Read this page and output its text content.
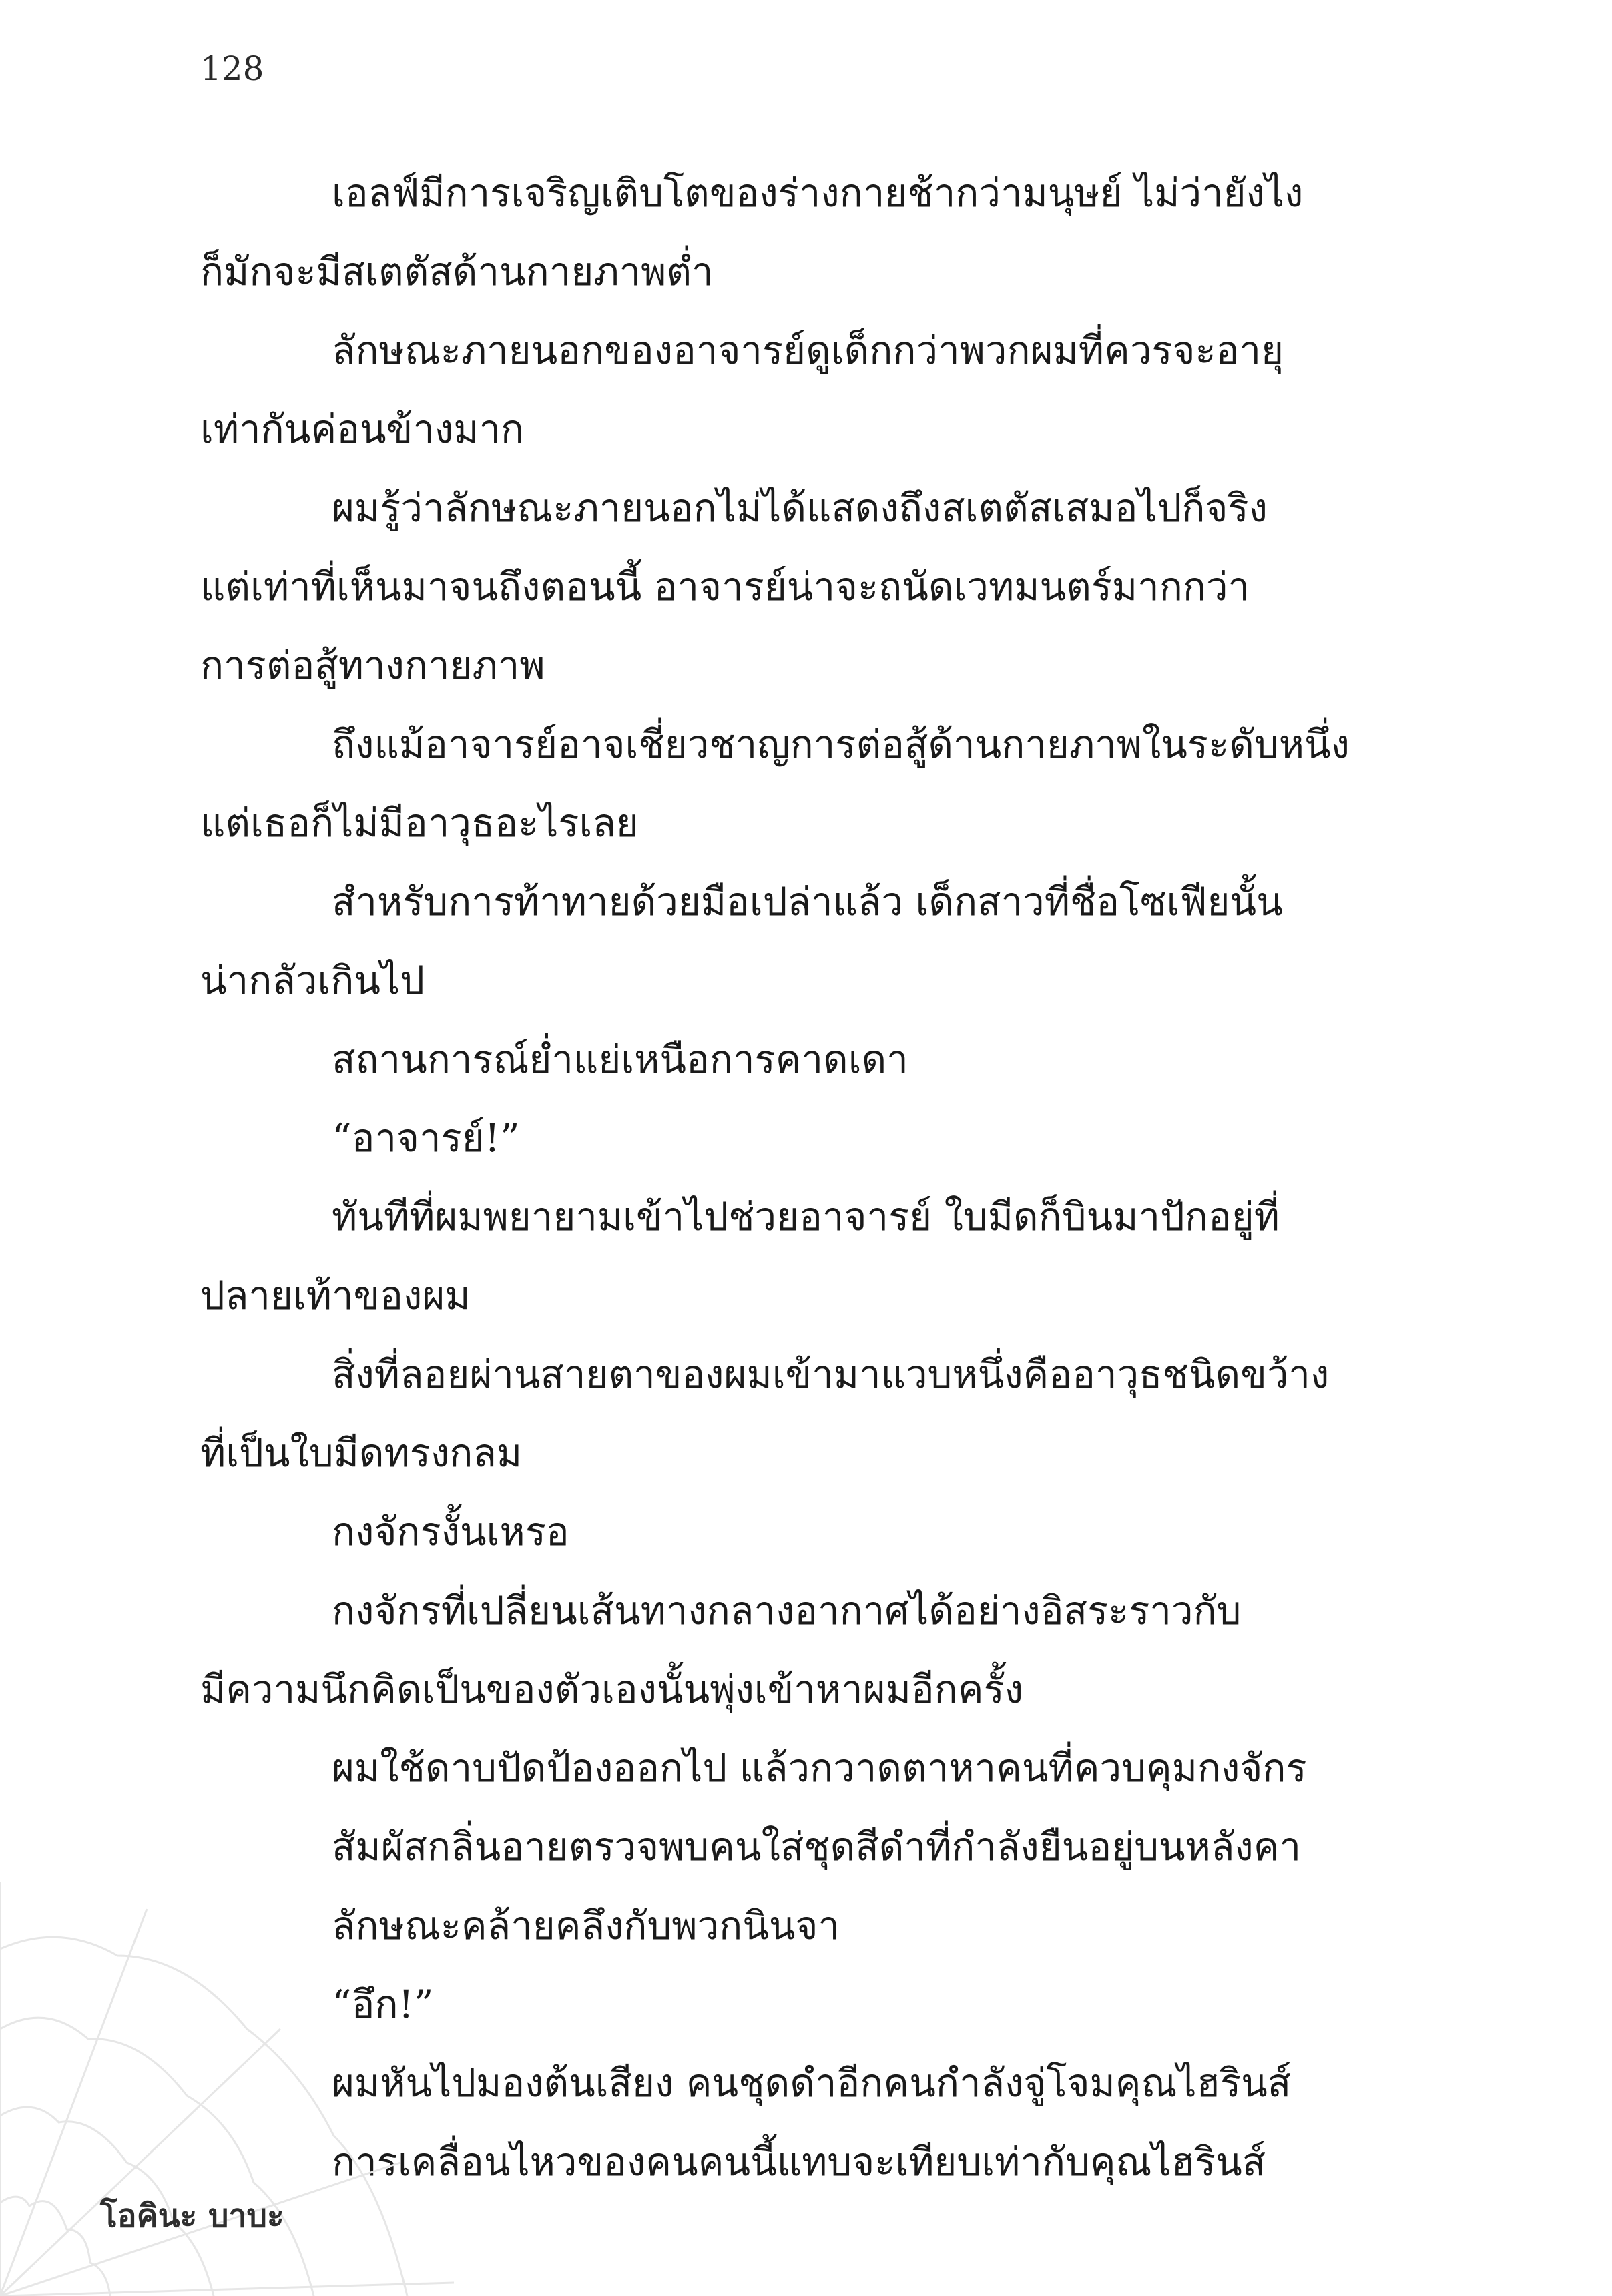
128
เอลฟ์มีการเจริญเติบโตของร่างกายช้ากว่ามนุษย์ ไม่ว่ายังไง
ก็มักจะมีสเตตัสด้านกายภาพต่ำ
ลักษณะภายนอกของอาจารย์ดูเด็กกว่าพวกผมที่ควรจะอายุ
เท่ากันค่อนข้างมาก
ผมรู้ว่าลักษณะภายนอกไม่ได้แสดงถึงสเตตัสเสมอไปก็จริง
แต่เท่าที่เห็นมาจนถึงตอนนี้ อาจารย์น่าจะถนัดเวทมนตร์มากกว่า
การต่อสู้ทางกายภาพ
ถึงแม้อาจารย์อาจเชี่ยวชาญการต่อสู้ด้านกายภาพในระดับหนึ่ง
แต่เธอก็ไม่มีอาวุธอะไรเลย
สำหรับการท้าทายด้วยมือเปล่าแล้ว เด็กสาวที่ชื่อโซเฟียนั้น
น่ากลัวเกินไป
สถานการณ์ย่ำแย่เหนือการคาดเดา
“อาจารย์!”
ทันทีที่ผมพยายามเข้าไปช่วยอาจารย์ ใบมีดก็บินมาปักอยู่ที่
ปลายเท้าของผม
สิ่งที่ลอยผ่านสายตาของผมเข้ามาแวบหนึ่งคืออาวุธชนิดขว้าง
ที่เป็นใบมีดทรงกลม
กงจักรงั้นเหรอ
กงจักรที่เปลี่ยนเส้นทางกลางอากาศได้อย่างอิสระราวกับ
มีความนึกคิดเป็นของตัวเองนั้นพุ่งเข้าหาผมอีกครั้ง
ผมใช้ดาบปัดป้องออกไป แล้วกวาดตาหาคนที่ควบคุมกงจักร
สัมผัสกลิ่นอายตรวจพบคนใส่ชุดสีดำที่กำลังยืนอยู่บนหลังคา
ลักษณะคล้ายคลึงกับพวกนินจา
“อึก!”
ผมหันไปมองต้นเสียง คนชุดดำอีกคนกำลังจู่โจมคุณไฮรินส์
การเคลื่อนไหวของคนคนนี้แทบจะเทียบเท่ากับคุณไฮรินส์
โอคินะ บาบะ
